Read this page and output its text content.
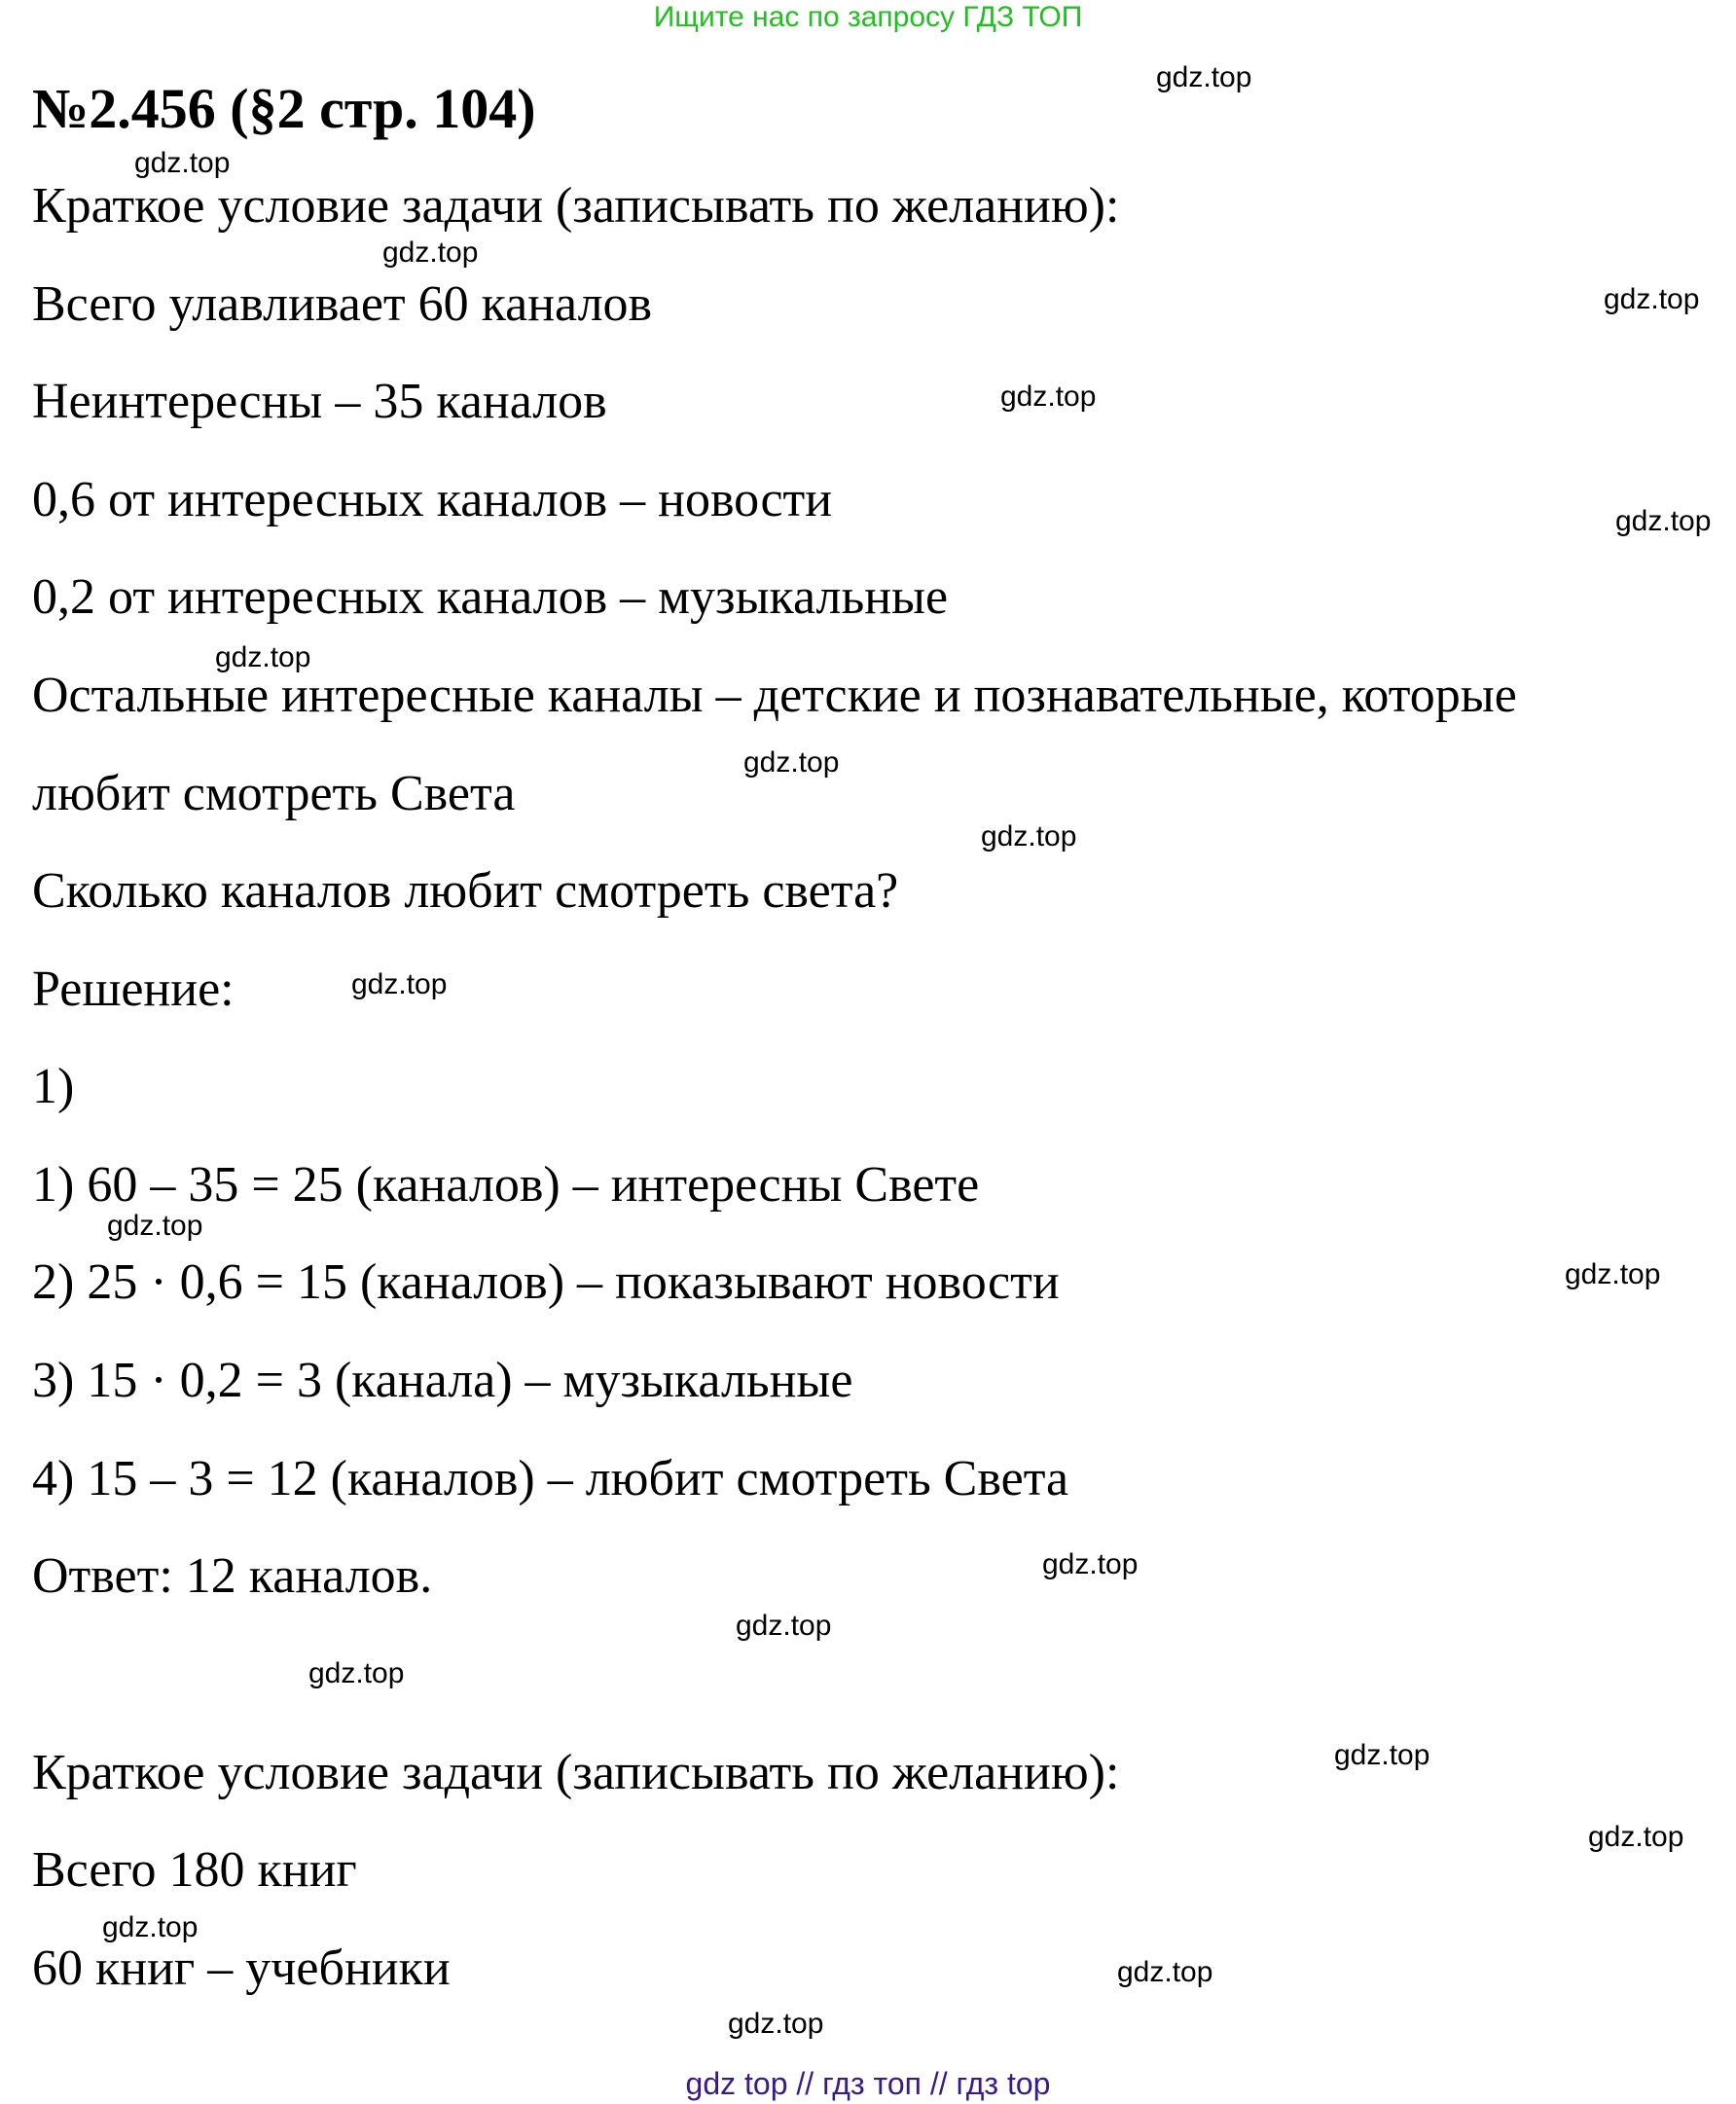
Ищите нас по запросу ГДЗ ТОП
№2.456 (§2 стр. 104)
Краткое условие задачи (записывать по желанию):
Всего улавливает 60 каналов
Неинтересны – 35 каналов
0,6 от интересных каналов – новости
0,2 от интересных каналов – музыкальные
Остальные интересные каналы – детские и познавательные, которые
любит смотреть Света
Сколько каналов любит смотреть света?
Решение:
1)
1) 60 – 35 = 25 (каналов) – интересны Свете
2) 25 · 0,6 = 15 (каналов) – показывают новости
3) 15 · 0,2 = 3 (канала) – музыкальные
4) 15 – 3 = 12 (каналов) – любит смотреть Света
Ответ: 12 каналов.
Краткое условие задачи (записывать по желанию):
Всего 180 книг
60 книг – учебники
gdz.top
gdz.top
gdz.top
gdz.top
gdz.top
gdz.top
gdz.top
gdz.top
gdz.top
gdz.top
gdz.top
gdz.top
gdz.top
gdz.top
gdz.top
gdz.top
gdz.top
gdz.top
gdz.top
gdz.top
gdz top // гдз топ // гдз top
